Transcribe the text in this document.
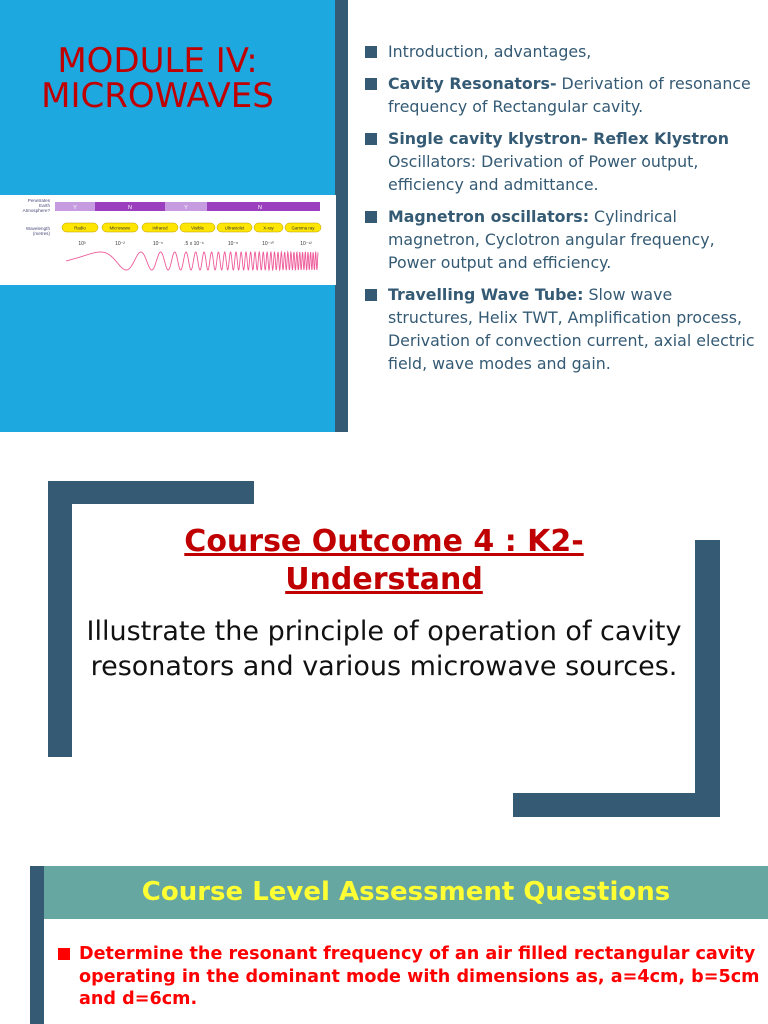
MODULE IV:
MICROWAVES
Penetrates
Earth
Atmosphere?
Wavelength
(metres)
Y	N	Y	N
Radio	Microwave	Infrared	Visible	Ultraviolet	X-ray	Gamma ray
10³	10⁻²	10⁻⁵	.5 x 10⁻⁶	10⁻⁸	10⁻¹⁰	10⁻¹²
Introduction, advantages,
Cavity Resonators- Derivation of resonance frequency of Rectangular cavity.
Single cavity klystron- Reflex Klystron Oscillators: Derivation of Power output, efficiency and admittance.
Magnetron oscillators: Cylindrical magnetron, Cyclotron angular frequency, Power output and efficiency.
Travelling Wave Tube: Slow wave structures, Helix TWT, Amplification process, Derivation of convection current, axial electric field, wave modes and gain.
Course Outcome 4 : K2-
Understand
Illustrate the principle of operation of cavity resonators and various microwave sources.
Course Level Assessment Questions
Determine the resonant frequency of an air filled rectangular cavity operating in the dominant mode with dimensions as, a=4cm, b=5cm and d=6cm.
